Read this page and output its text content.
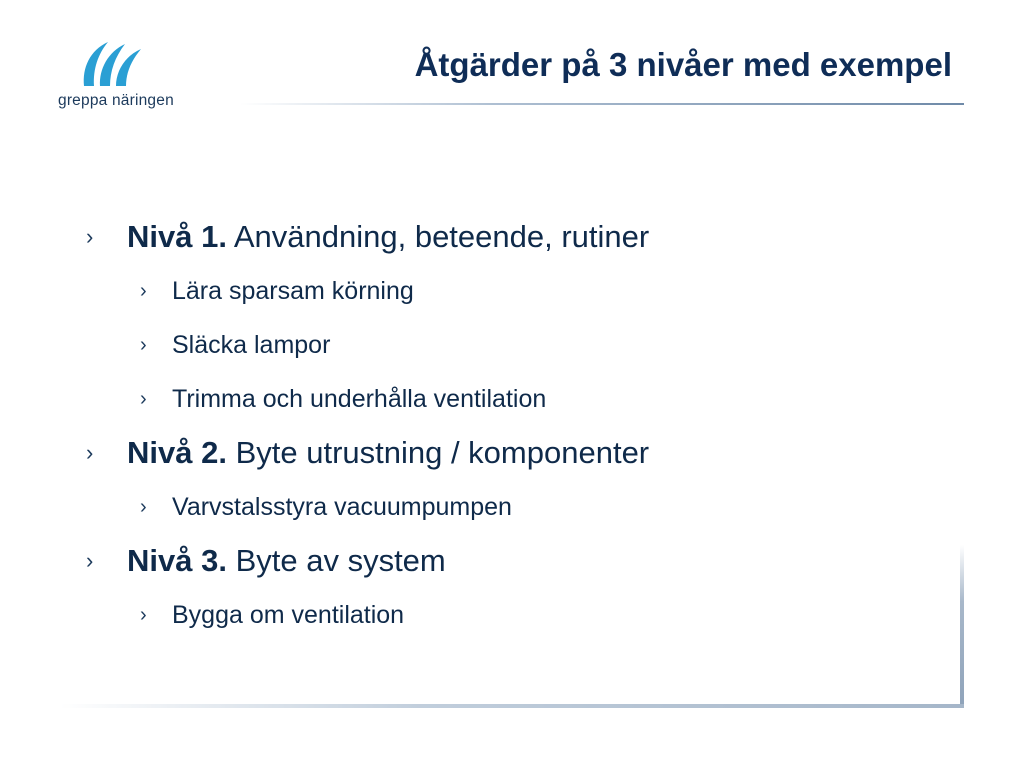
greppa näringen
Åtgärder på 3 nivåer med exempel
› Nivå 1. Användning, beteende, rutiner
› Lära sparsam körning
› Släcka lampor
› Trimma och underhålla ventilation
› Nivå 2. Byte utrustning / komponenter
› Varvstalsstyra vacuumpumpen
› Nivå 3. Byte av system
› Bygga om ventilation
